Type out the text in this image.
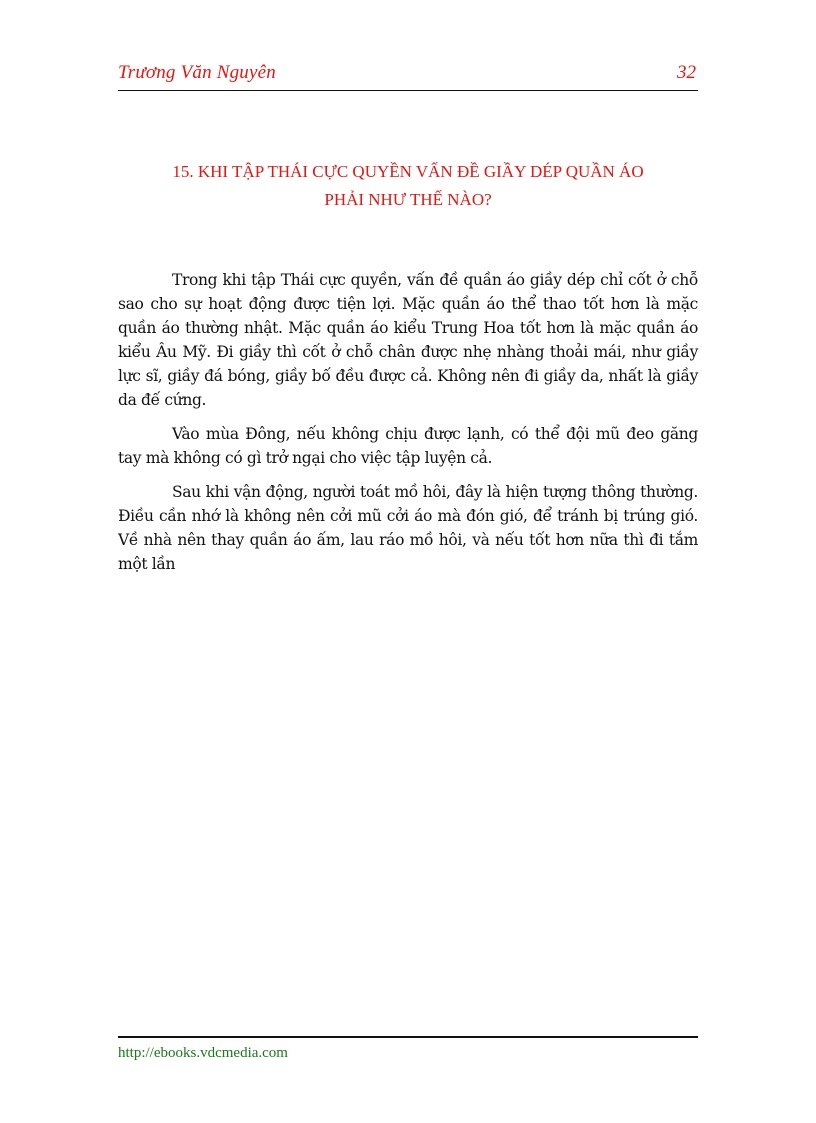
Trương Văn Nguyên	32
15. KHI TẬP THÁI CỰC QUYỀN VẤN ĐỀ GIẦY DÉP QUẦN ÁO
PHẢI NHƯ THẾ NÀO?

Trong khi tập Thái cực quyền, vấn đề quần áo giầy dép chỉ cốt ở chỗ sao cho sự hoạt động được tiện lợi. Mặc quần áo thể thao tốt hơn là mặc quần áo thường nhật. Mặc quần áo kiểu Trung Hoa tốt hơn là mặc quần áo kiểu Âu Mỹ. Đi giầy thì cốt ở chỗ chân được nhẹ nhàng thoải mái, như giầy lực sĩ, giầy đá bóng, giầy bố đều được cả. Không nên đi giầy da, nhất là giầy da đế cứng.

Vào mùa Đông, nếu không chịu được lạnh, có thể đội mũ đeo găng tay mà không có gì trở ngại cho việc tập luyện cả.

Sau khi vận động, người toát mồ hôi, đây là hiện tượng thông thường. Điều cần nhớ là không nên cởi mũ cởi áo mà đón gió, để tránh bị trúng gió. Về nhà nên thay quần áo ấm, lau ráo mồ hôi, và nếu tốt hơn nữa thì đi tắm một lần

http://ebooks.vdcmedia.com
